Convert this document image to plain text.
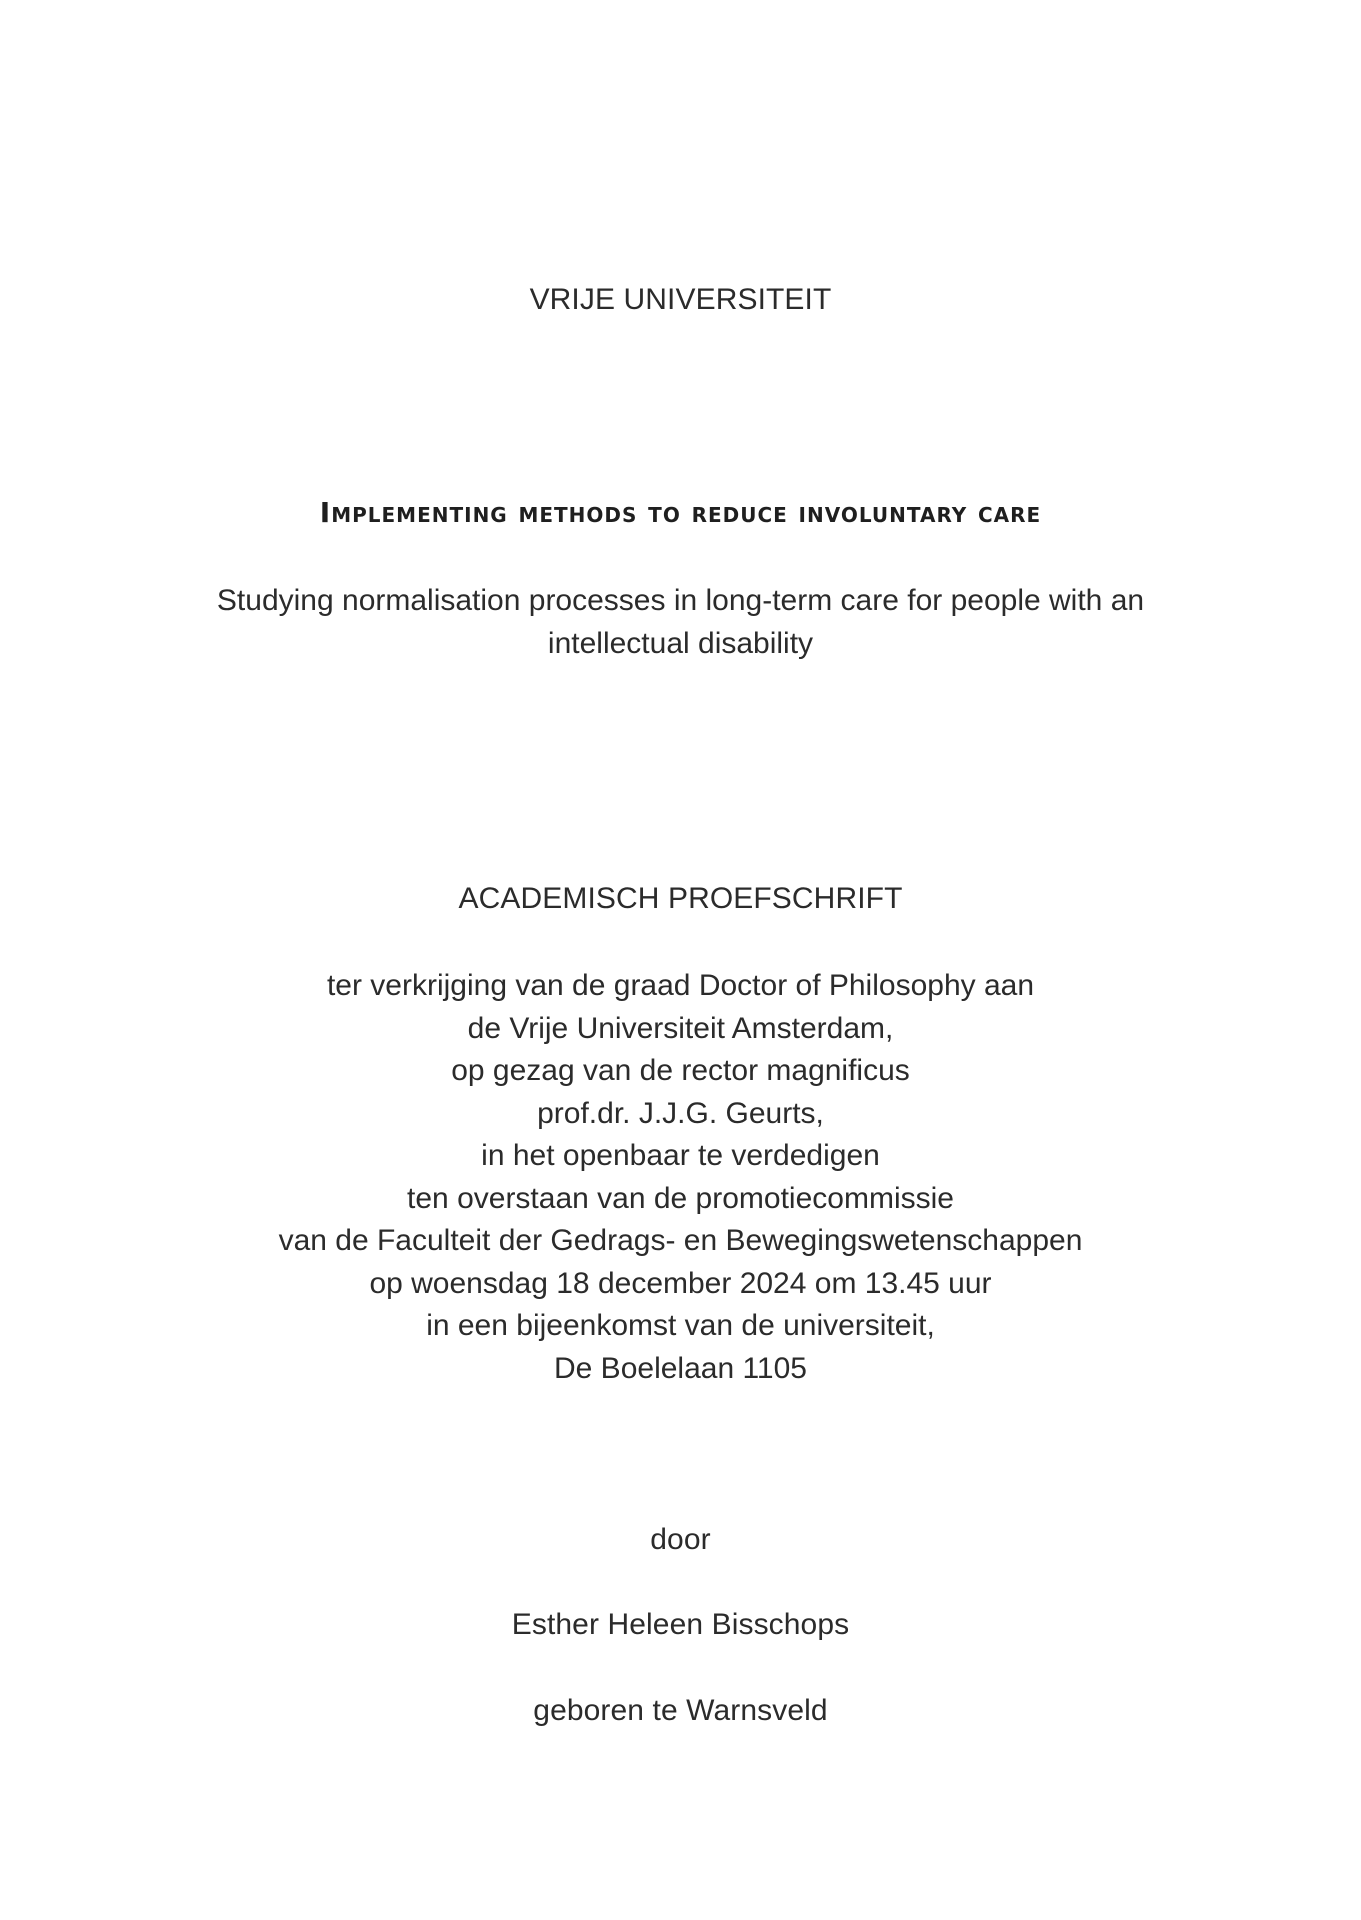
VRIJE UNIVERSITEIT
Implementing methods to reduce involuntary care
Studying normalisation processes in long-term care for people with an
intellectual disability
ACADEMISCH PROEFSCHRIFT
ter verkrijging van de graad Doctor of Philosophy aan
de Vrije Universiteit Amsterdam,
op gezag van de rector magnificus
prof.dr. J.J.G. Geurts,
in het openbaar te verdedigen
ten overstaan van de promotiecommissie
van de Faculteit der Gedrags- en Bewegingswetenschappen
op woensdag 18 december 2024 om 13.45 uur
in een bijeenkomst van de universiteit,
De Boelelaan 1105
door
Esther Heleen Bisschops
geboren te Warnsveld
